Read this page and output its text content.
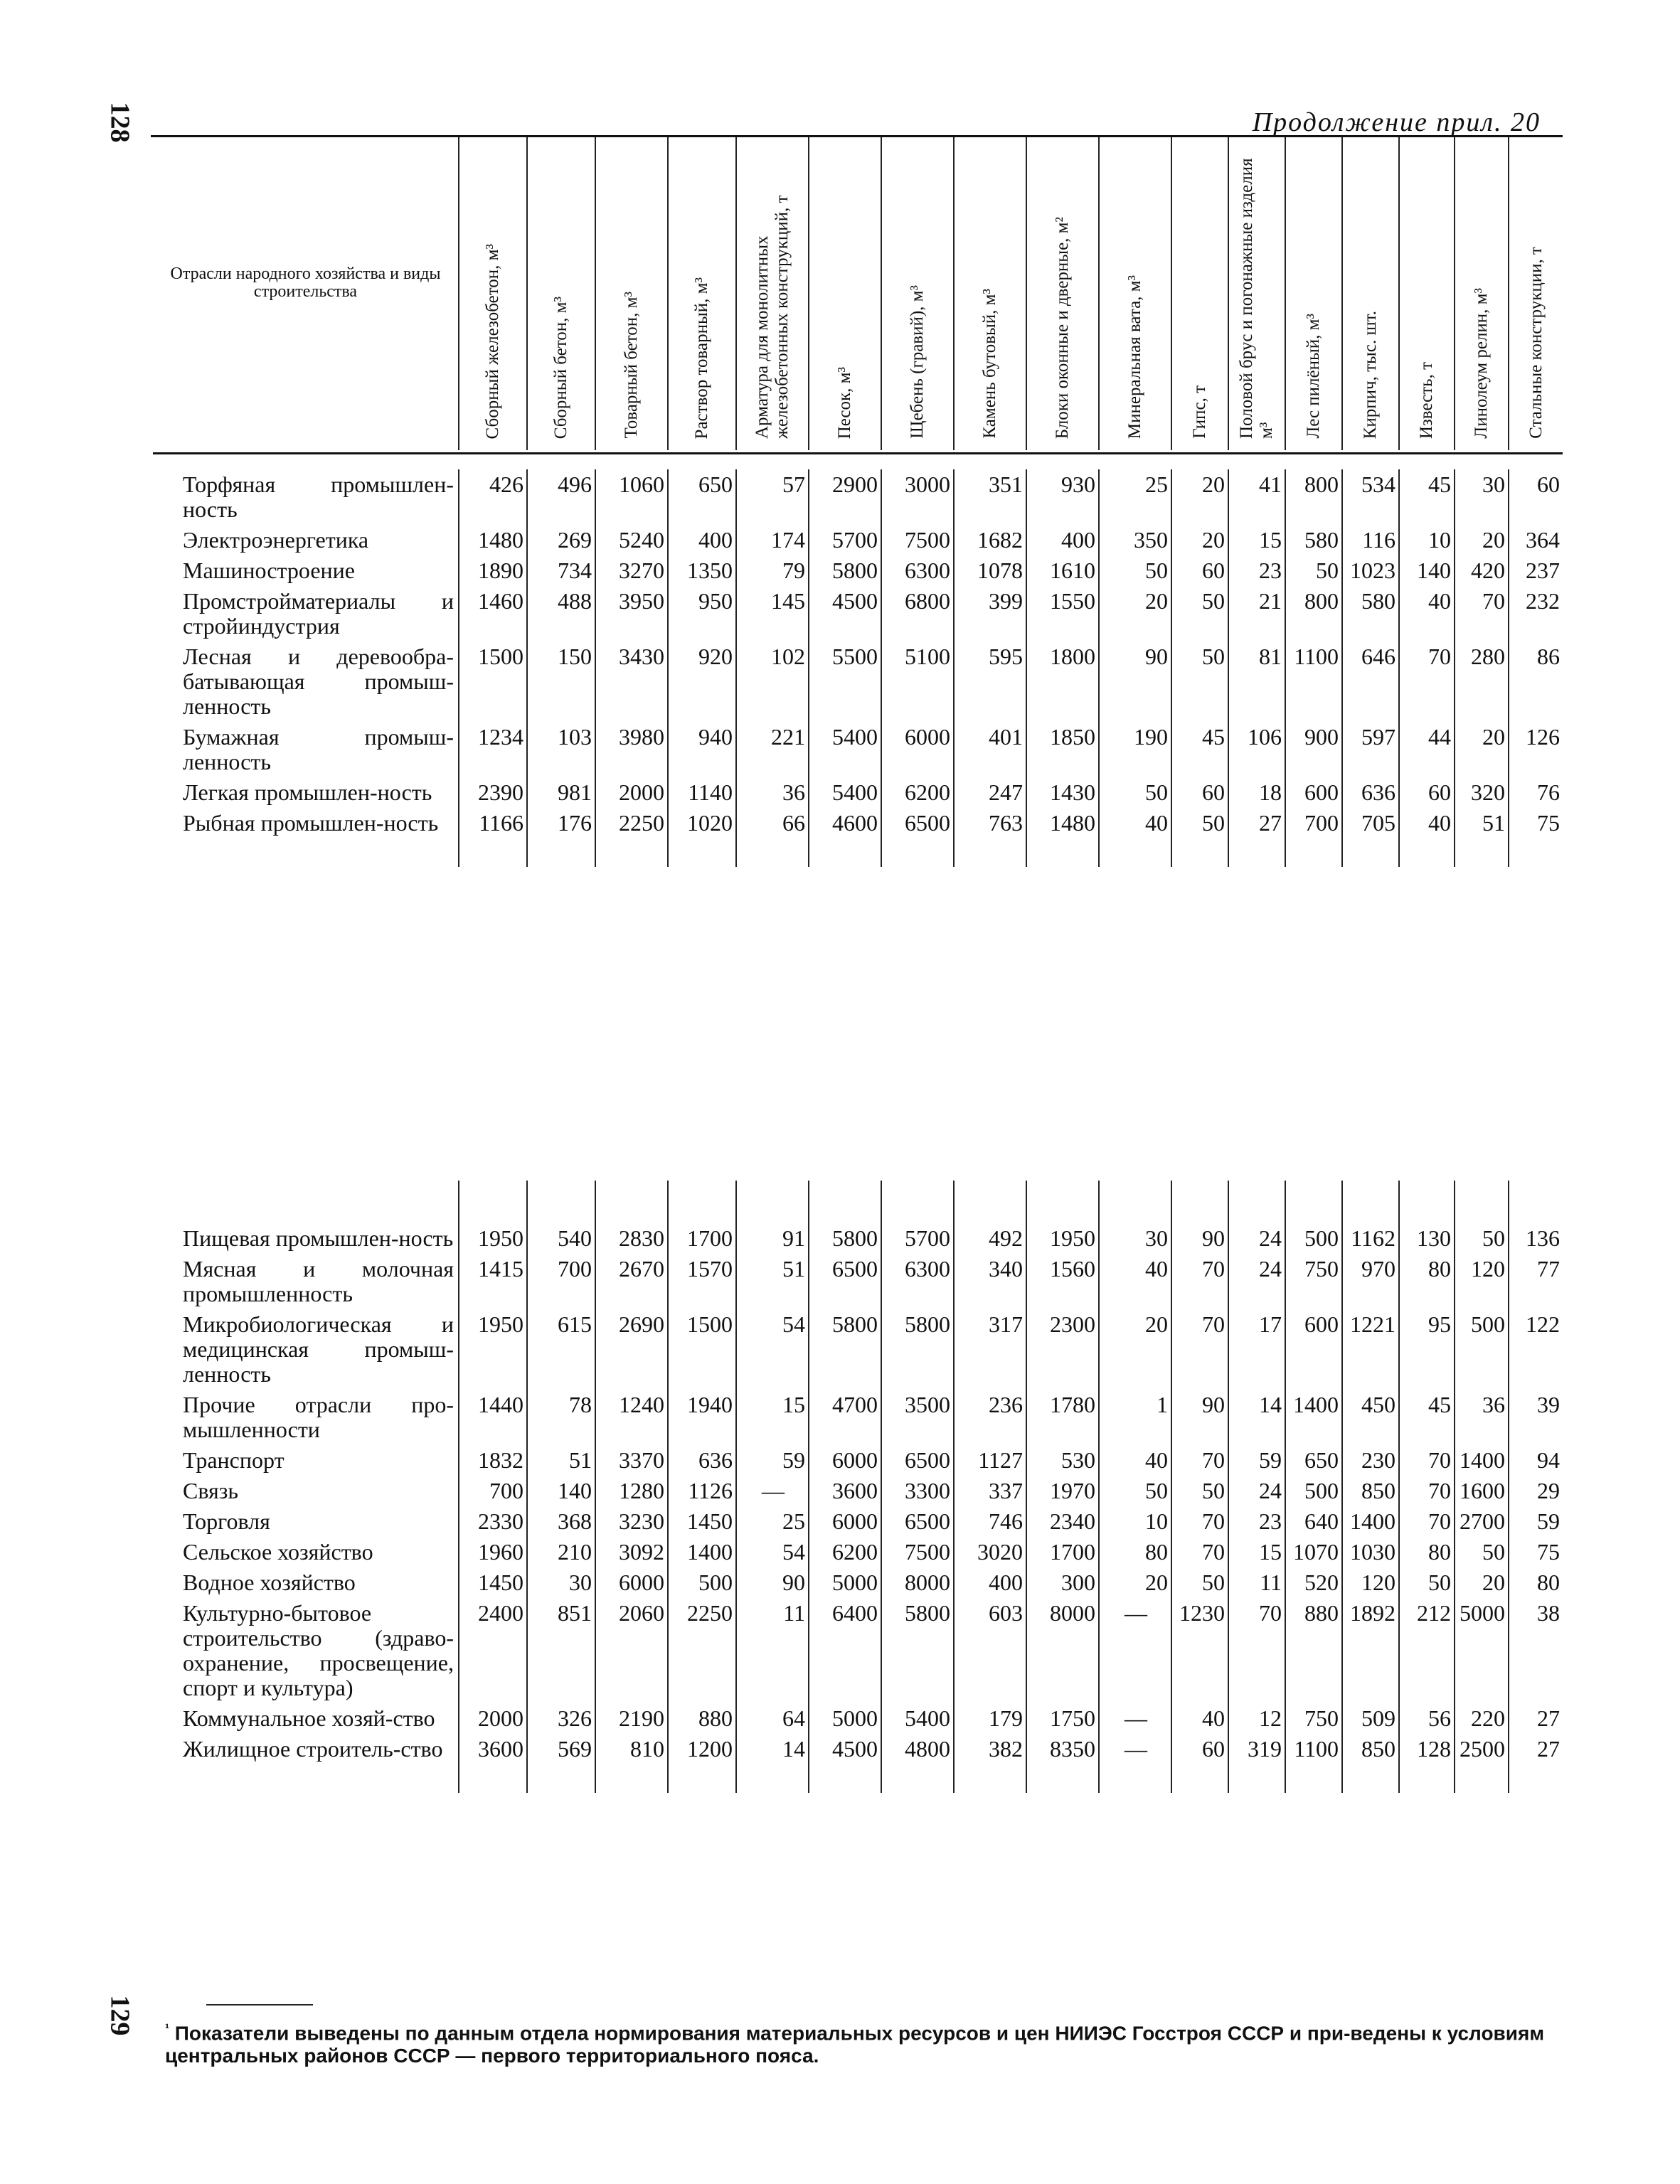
128	Продолжение прил. 20
Отрасли народного хозяйства и виды строительства	Сборный железобетон, м³	Сборный бетон, м³	Товарный бетон, м³	Раствор товарный, м³	Арматура для монолитных железобетонных конструкций, т	Песок, м³	Щебень (гравий), м³	Камень бутовый, м³	Блоки оконные и дверные, м²	Минеральная вата, м³	Гипс, т	Половой брус и погонажные изделия м³	Лес пилёный, м³	Кирпич, тыс. шт.	Известь, т	Линолеум релин, м³	Стальные конструкции, т
Торфяная промышлен-ность	426	496	1060	650	57	2900	3000	351	930	25	20	41	800	534	45	30	60
Электроэнергетика	1480	269	5240	400	174	5700	7500	1682	400	350	20	15	580	116	10	20	364
Машиностроение	1890	734	3270	1350	79	5800	6300	1078	1610	50	60	23	50	1023	140	420	237
Промстройматериалы и стройиндустрия	1460	488	3950	950	145	4500	6800	399	1550	20	50	21	800	580	40	70	232
Лесная и деревообра-батывающая промыш-ленность	1500	150	3430	920	102	5500	5100	595	1800	90	50	81	1100	646	70	280	86
Бумажная промыш-ленность	1234	103	3980	940	221	5400	6000	401	1850	190	45	106	900	597	44	20	126
Легкая промышлен-ность	2390	981	2000	1140	36	5400	6200	247	1430	50	60	18	600	636	60	320	76
Рыбная промышлен-ность	1166	176	2250	1020	66	4600	6500	763	1480	40	50	27	700	705	40	51	75

Пищевая промышлен-ность	1950	540	2830	1700	91	5800	5700	492	1950	30	90	24	500	1162	130	50	136
Мясная и молочная промышленность	1415	700	2670	1570	51	6500	6300	340	1560	40	70	24	750	970	80	120	77
Микробиологическая и медицинская промыш-ленность	1950	615	2690	1500	54	5800	5800	317	2300	20	70	17	600	1221	95	500	122
Прочие отрасли про-мышленности	1440	78	1240	1940	15	4700	3500	236	1780	1	90	14	1400	450	45	36	39
Транспорт	1832	51	3370	636	59	6000	6500	1127	530	40	70	59	650	230	70	1400	94
Связь	700	140	1280	1126	—	3600	3300	337	1970	50	50	24	500	850	70	1600	29
Торговля	2330	368	3230	1450	25	6000	6500	746	2340	10	70	23	640	1400	70	2700	59
Сельское хозяйство	1960	210	3092	1400	54	6200	7500	3020	1700	80	70	15	1070	1030	80	50	75
Водное хозяйство	1450	30	6000	500	90	5000	8000	400	300	20	50	11	520	120	50	20	80
Культурно-бытовое строительство (здраво-охранение, просвещение, спорт и культура)	2400	851	2060	2250	11	6400	5800	603	8000	—	1230	70	880	1892	212	5000	38
Коммунальное хозяй-ство	2000	326	2190	880	64	5000	5400	179	1750	—	40	12	750	509	56	220	27
Жилищное строитель-ство	3600	569	810	1200	14	4500	4800	382	8350	—	60	319	1100	850	128	2500	27

129 $^{^1}$ Показатели выведены по данным отдела нормирования материальных ресурсов и цен НИИЭС Госстроя СССР и при-ведены к условиям центральных районов СССР — первого территориального пояса.
